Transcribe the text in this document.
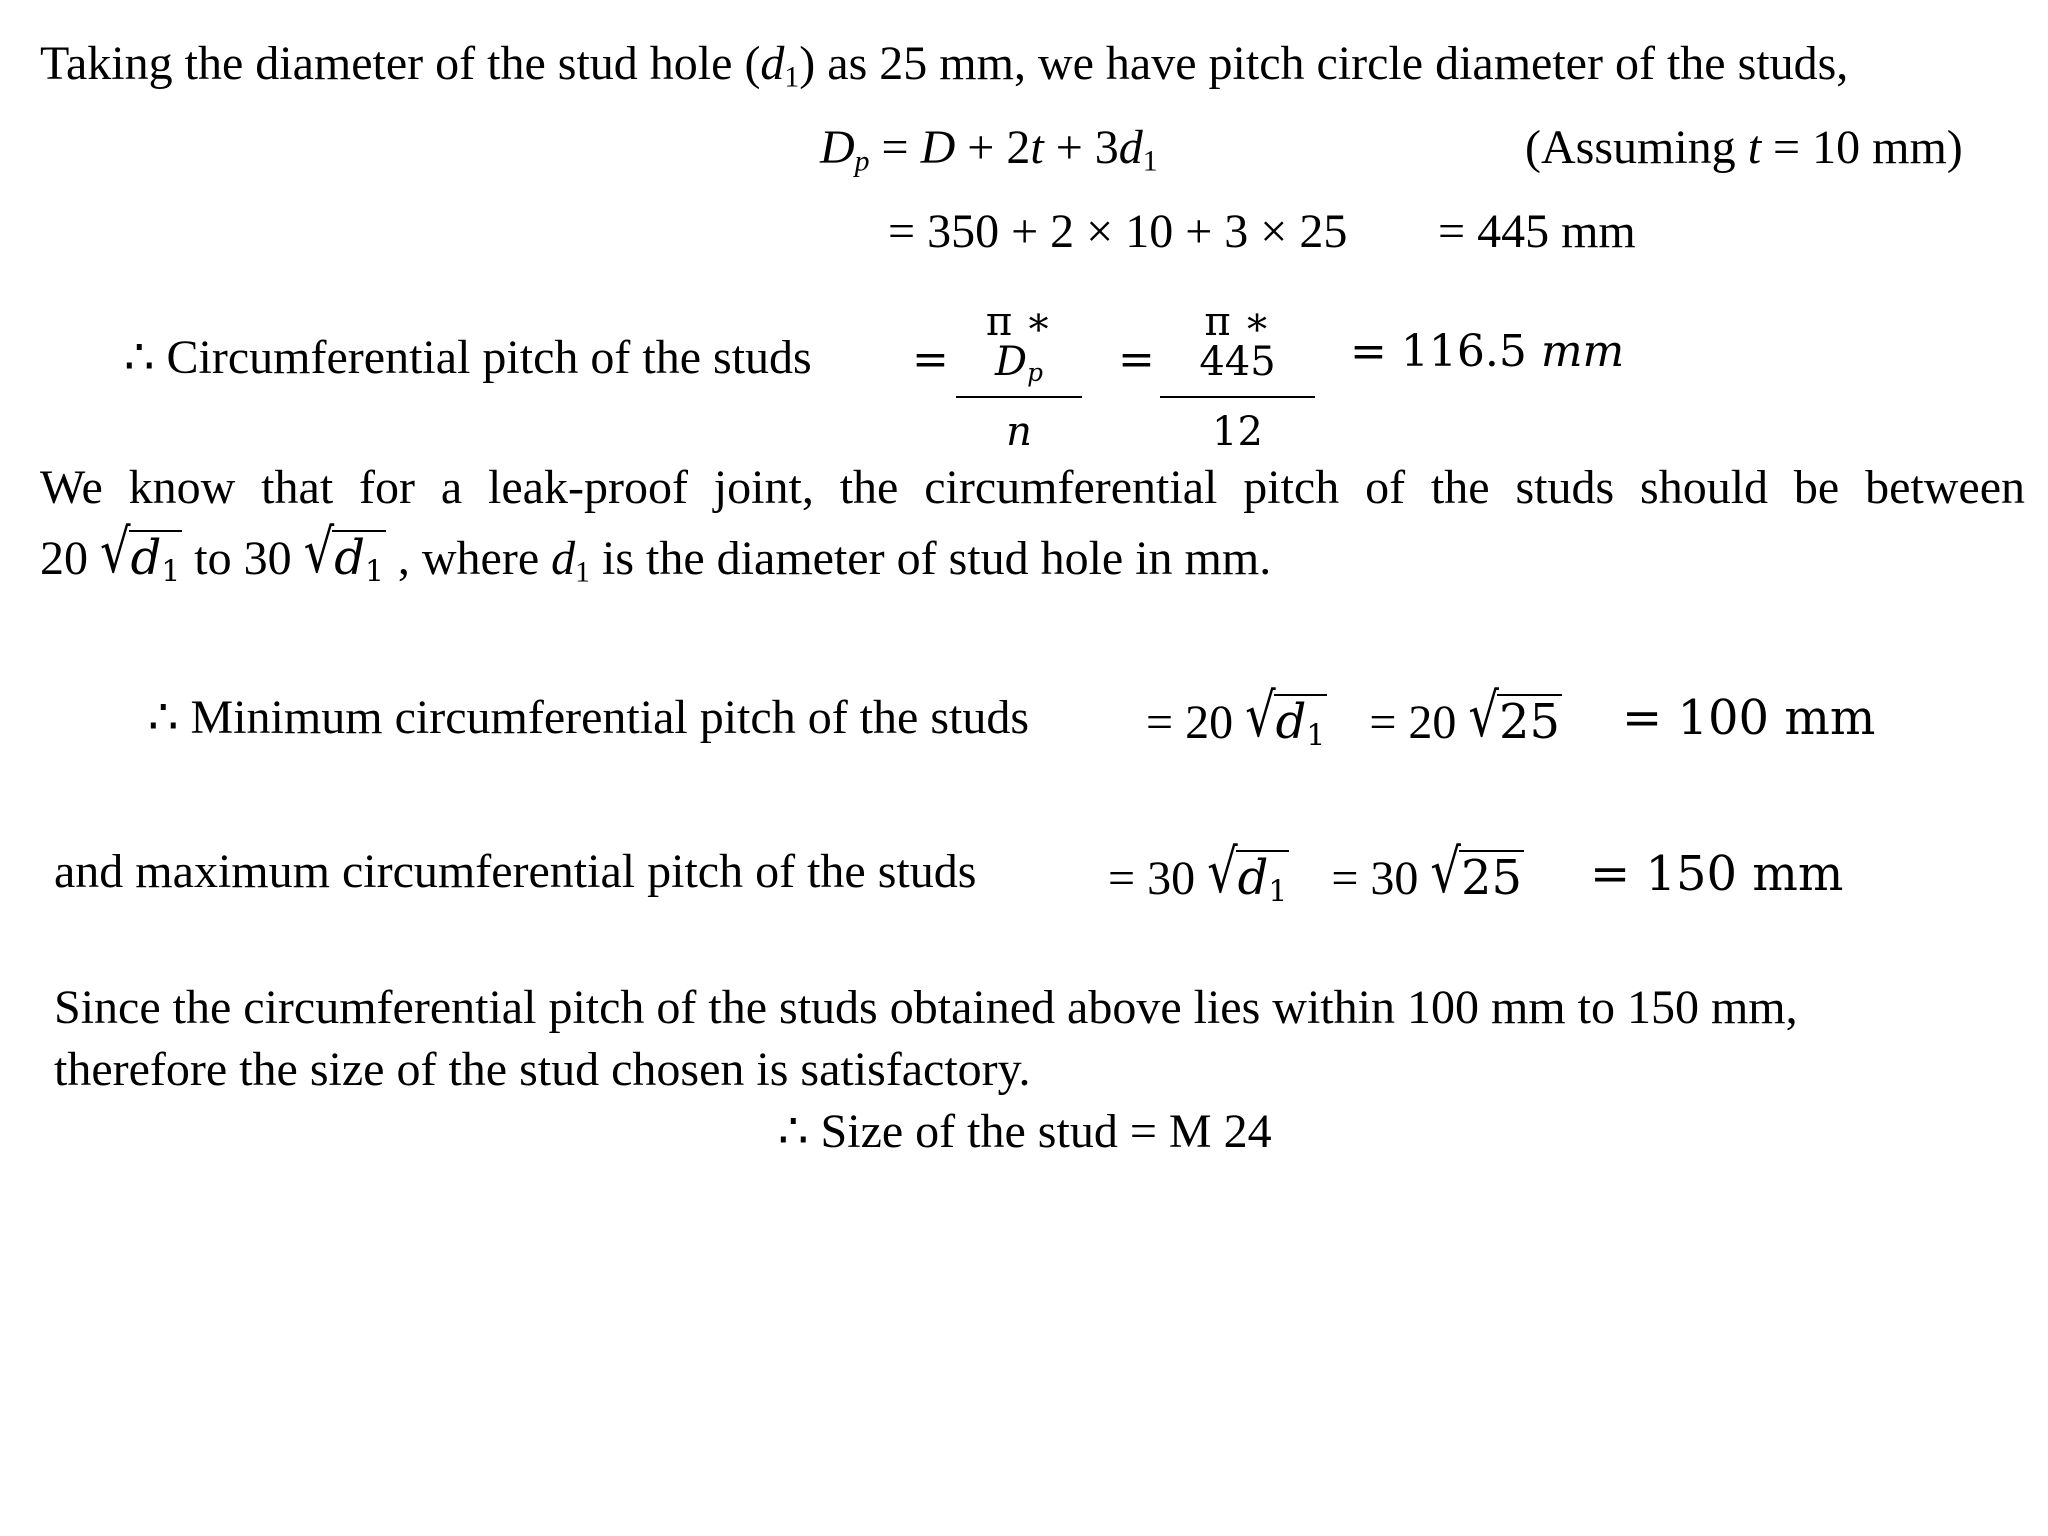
Taking the diameter of the stud hole $(d_1)$ as 25 mm, we have pitch circle diameter of the studs,
$D_p = D + 2t + 3d_1$	(Assuming t = 10 mm)
= 350 + 2 × 10 + 3 × 25 = 445 mm
∴ Circumferential pitch of the studs =
π ∗ $D_p$
n
=
π ∗ 445
12
= 116.5 mm
We know that for a leak-proof joint, the circumferential pitch of the studs should be between
20 $√d_1$ to 30 $√d_1$ , where $d_1$ is the diameter of stud hole in mm.
∴ Minimum circumferential pitch of the studs = 20 $√d_1 = 20$ √25 = 100 mm
and maximum circumferential pitch of the studs	= 30 $√d_1 = 30$ √25 = 150 mm
Since the circumferential pitch of the studs obtained above lies within 100 mm to 150 mm,
therefore the size of the stud chosen is satisfactory.
∴ Size of the stud = M 24
